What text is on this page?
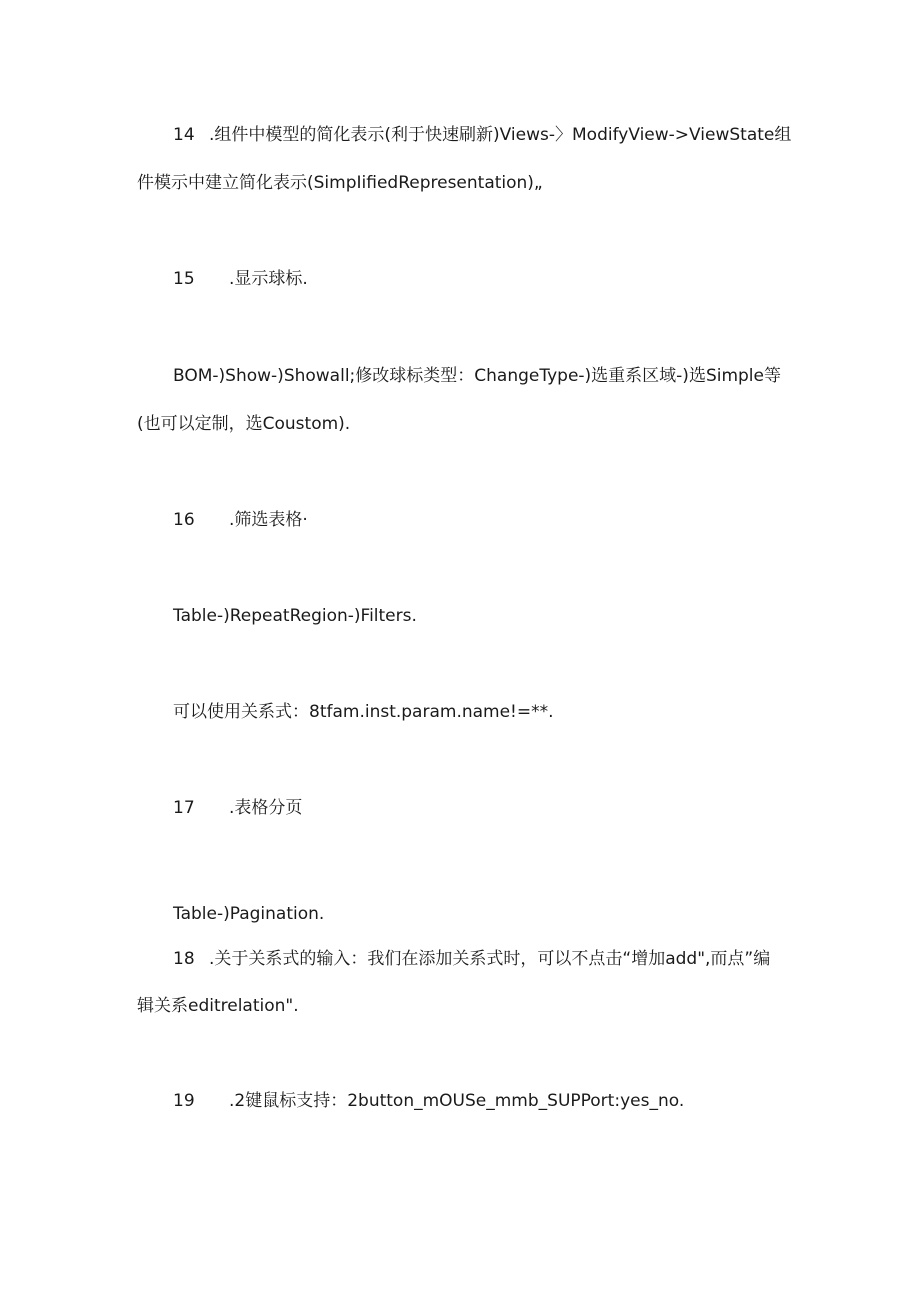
14 .组件中模型的简化表示(利于快速刷新)Views-〉ModifyView->ViewState组
件模示中建立简化表示(SimpIifiedRepresentation)„
15 .显示球标.
BOM-)Show-)Showall;修改球标类型：ChangeType-)选重系区域-)选Simple等
(也可以定制，选Coustom).
16 .筛选表格·
Table-)RepeatRegion-)Filters.
可以使用关系式：8tfam.inst.param.name!=**.
17 .表格分页
Table-)Pagination.
18 .关于关系式的输入：我们在添加关系式时，可以不点击“增加add",而点”编
辑关系editrelation".
19 .2键鼠标支持：2button_mOUSe_mmb_SUPPort:yes_no.
